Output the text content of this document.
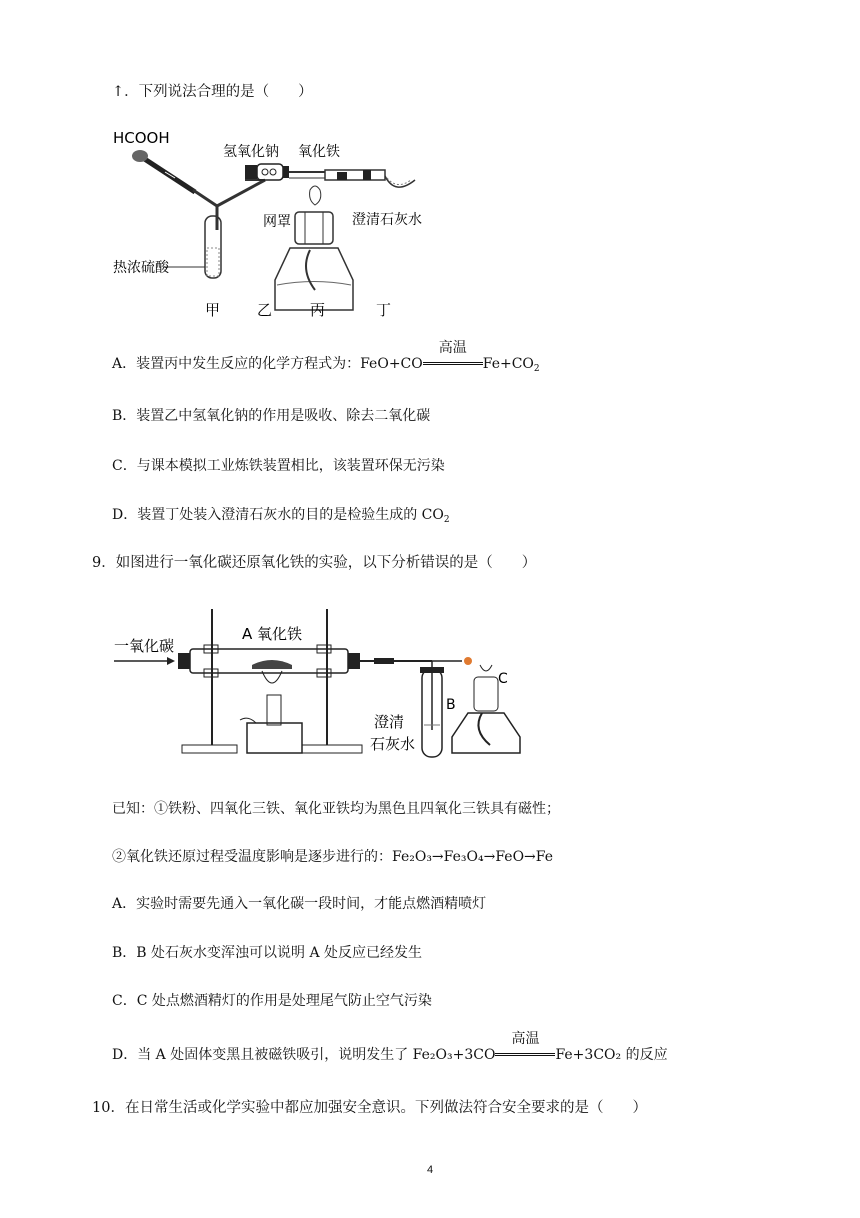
↑．下列说法合理的是（　　）
HCOOH
氢氧化钠 氧化铁
网罩	澄清石灰水
热浓硫酸
甲 乙	丙	丁
A．装置丙中发生反应的化学方程式为：FeO+CO
高温
$Fe+CO_2$
B．装置乙中氢氧化钠的作用是吸收、除去二氧化碳
C．与课本模拟工业炼铁装置相比，该装置环保无污染
D．装置丁处装入澄清石灰水的目的是检验生成的 $CO_2$
9．如图进行一氧化碳还原氧化铁的实验，以下分析错误的是（　　）
一氧化碳
A 氧化铁
B
澄清
石灰水
C
已知：①铁粉、四氧化三铁、氧化亚铁均为黑色且四氧化三铁具有磁性；
②氧化铁还原过程受温度影响是逐步进行的：Fe₂O₃→Fe₃O₄→FeO→Fe
A．实验时需要先通入一氧化碳一段时间，才能点燃酒精喷灯
B．B 处石灰水变浑浊可以说明 A 处反应已经发生
C．C 处点燃酒精灯的作用是处理尾气防止空气污染
D．当 A 处固体变黑且被磁铁吸引，说明发生了 Fe₂O₃+3CO
高温
Fe+3CO₂ 的反应
10．在日常生活或化学实验中都应加强安全意识。下列做法符合安全要求的是（　　）
4
